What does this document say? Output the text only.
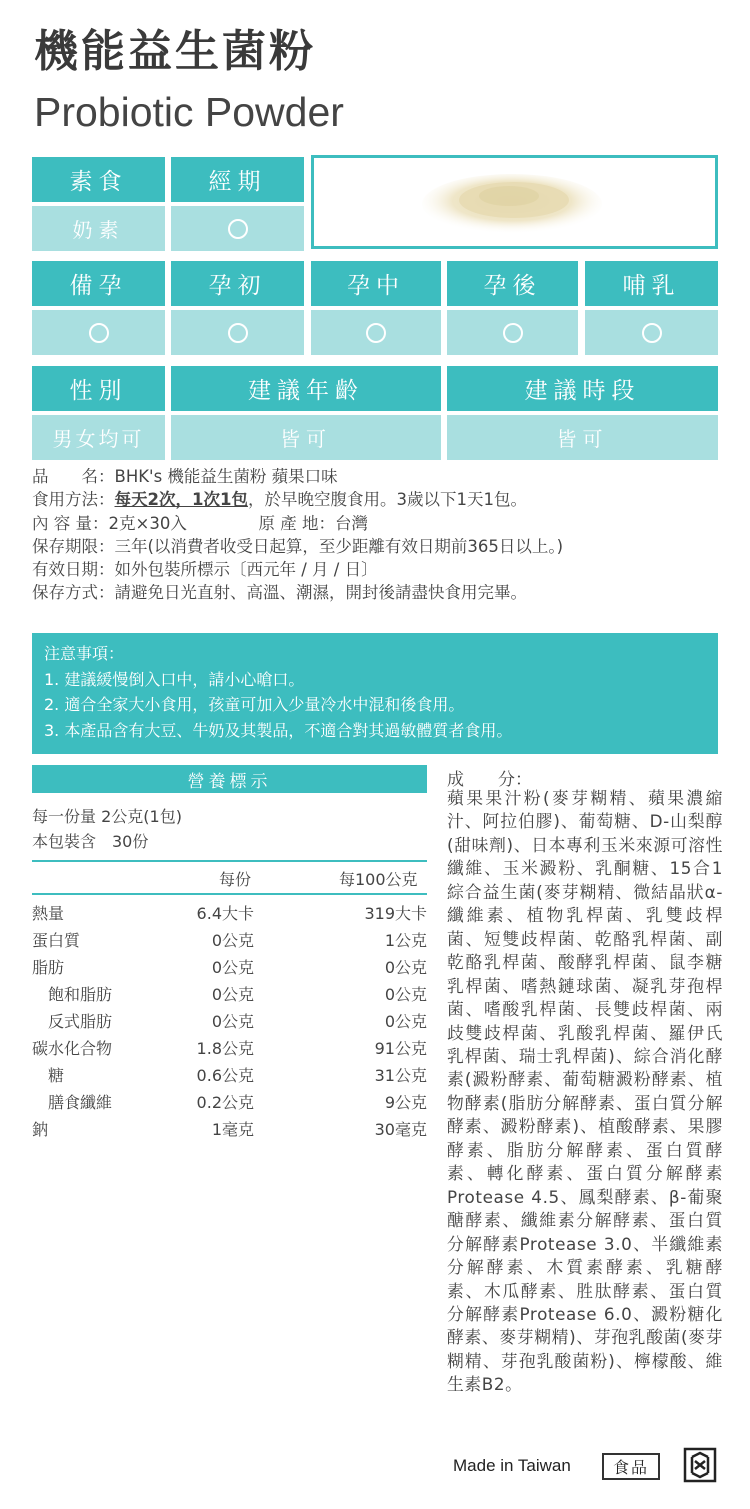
機能益生菌粉
Probiotic Powder
素食	經期
奶素
備孕	孕初	孕中	孕後	哺乳
性別	建議年齡	建議時段
男女均可	皆可	皆可
品　　名：BHK's 機能益生菌粉 蘋果口味
食用方法：每天2次，1次1包，於早晚空腹食用。3歲以下1天1包。
內 容 量：2克×30入	原 產 地：台灣
保存期限：三年(以消費者收受日起算，至少距離有效日期前365日以上。)
有效日期：如外包裝所標示〔西元年 / 月 / 日〕
保存方式：請避免日光直射、高溫、潮濕，開封後請盡快食用完畢。
注意事項：
1. 建議緩慢倒入口中，請小心嗆口。
2. 適合全家大小食用，孩童可加入少量冷水中混和後食用。
3. 本產品含有大豆、牛奶及其製品，不適合對其過敏體質者食用。
營養標示
每一份量 2公克(1包)
本包裝含　30份
每份	每100公克
熱量	6.4大卡	319大卡
蛋白質	0公克	1公克
脂肪	0公克	0公克
　飽和脂肪	0公克	0公克
　反式脂肪	0公克	0公克
碳水化合物	1.8公克	91公克
　糖	0.6公克	31公克
　膳食纖維	0.2公克	9公克
鈉	1毫克	30毫克
成　　分：
蘋果果汁粉(麥芽糊精、蘋果濃縮汁、阿拉伯膠)、葡萄糖、D-山梨醇(甜味劑)、日本專利玉米來源可溶性纖維、玉米澱粉、乳酮糖、15合1綜合益生菌(麥芽糊精、微結晶狀α-纖維素、植物乳桿菌、乳雙歧桿菌、短雙歧桿菌、乾酪乳桿菌、副乾酪乳桿菌、酸酵乳桿菌、鼠李糖乳桿菌、嗜熱鏈球菌、凝乳芽孢桿菌、嗜酸乳桿菌、長雙歧桿菌、兩歧雙歧桿菌、乳酸乳桿菌、羅伊氏乳桿菌、瑞士乳桿菌)、綜合消化酵素(澱粉酵素、葡萄糖澱粉酵素、植物酵素(脂肪分解酵素、蛋白質分解酵素、澱粉酵素)、植酸酵素、果膠酵素、脂肪分解酵素、蛋白質酵素、轉化酵素、蛋白質分解酵素Protease 4.5、鳳梨酵素、β-葡聚醣酵素、纖維素分解酵素、蛋白質分解酵素Protease 3.0、半纖維素分解酵素、木質素酵素、乳糖酵素、木瓜酵素、胜肽酵素、蛋白質分解酵素Protease 6.0、澱粉糖化酵素、麥芽糊精)、芽孢乳酸菌(麥芽糊精、芽孢乳酸菌粉)、檸檬酸、維生素B2。
Made in Taiwan	食品
